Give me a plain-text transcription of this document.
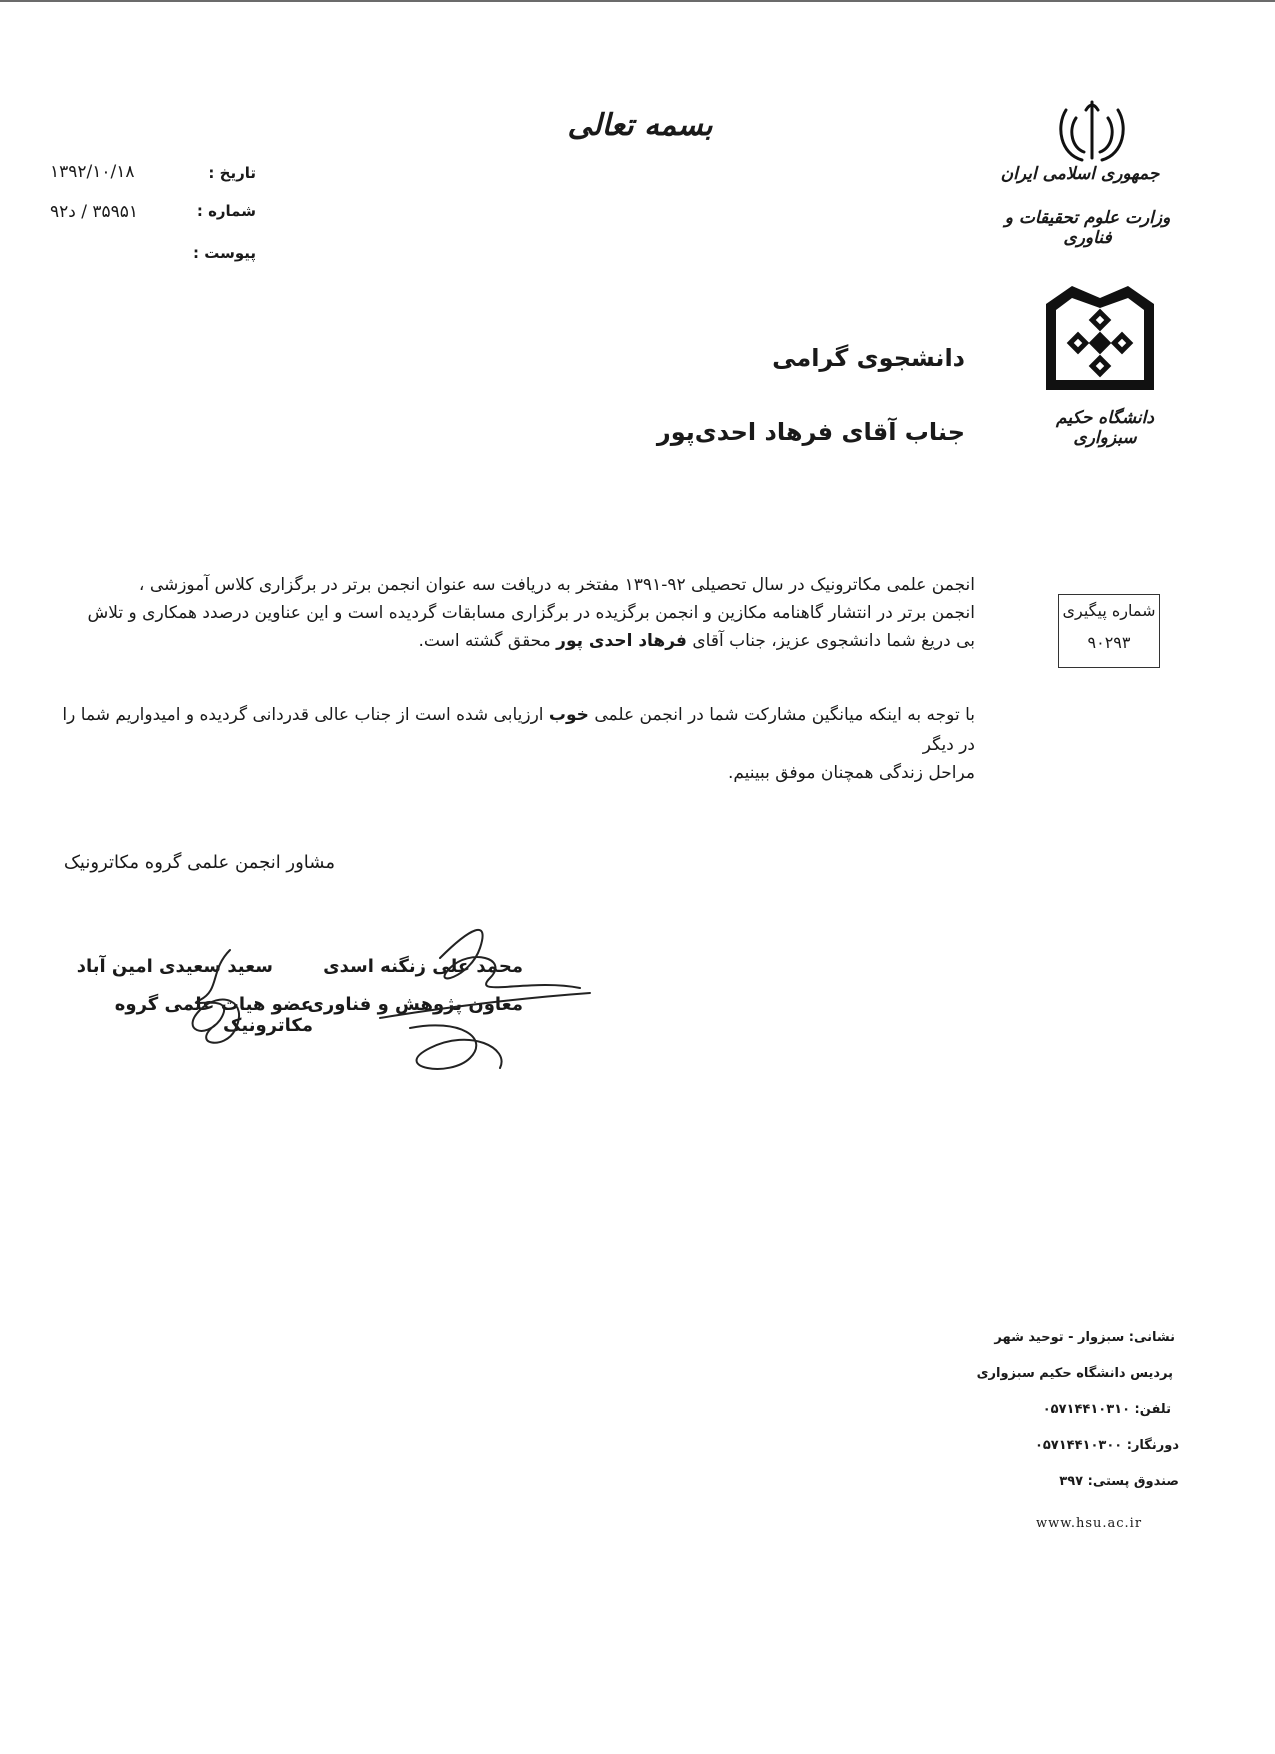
جمهوری اسلامی ایران
وزارت علوم تحقیقات و فناوری
دانشگاه حکیم سبزواری
بسمه تعالی
تاریخ :
۱۳۹۲/۱۰/۱۸
شماره :
۳۵۹۵۱ / د۹۲
پیوست :
دانشجوی گرامی
جناب آقای فرهاد احدی‌پور
انجمن علمی مکاترونیک در سال تحصیلی ۹۲-۱۳۹۱ مفتخر به دریافت سه عنوان انجمن برتر در برگزاری کلاس آموزشی ،
انجمن برتر در انتشار گاهنامه مکازین و انجمن برگزیده در برگزاری مسابقات گردیده است و این عناوین درصدد همکاری و تلاش
بی دریغ شما دانشجوی عزیز، جناب آقای فرهاد احدی پور محقق گشته است.
با توجه به اینکه میانگین مشارکت شما در انجمن علمی خوب ارزیابی شده است از جناب عالی قدردانی گردیده و امیدواریم شما را در دیگر
مراحل زندگی همچنان موفق ببینیم.
شماره پیگیری
۹۰۲۹۳
مشاور انجمن علمی گروه مکاترونیک
محمد علی زنگنه اسدی
معاون پژوهش و فناوری
سعید سعیدی امین آباد
عضو هیات علمی گروه مکاترونیک
نشانی: سبزوار - توحید شهر
پردیس دانشگاه حکیم سبزواری
تلفن: ۰۵۷۱۴۴۱۰۳۱۰
دورنگار: ۰۵۷۱۴۴۱۰۳۰۰
صندوق پستی: ۳۹۷
www.hsu.ac.ir
